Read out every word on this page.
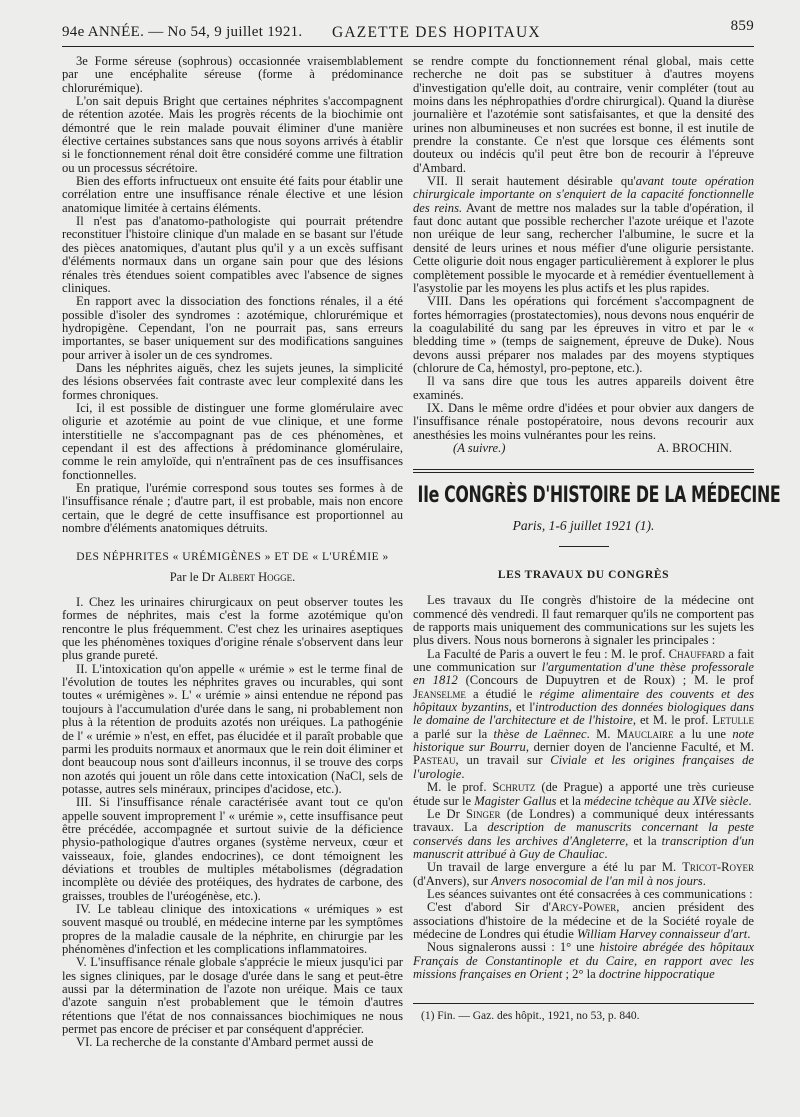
94e ANNÉE. — No 54, 9 juillet 1921. GAZETTE DES HOPITAUX	859

3e Forme séreuse (sophrous) occasionnée vraisemblablement par une encéphalite séreuse (forme à prédominance chlorurémique).

L'on sait depuis Bright que certaines néphrites s'accompagnent de rétention azotée. Mais les progrès récents de la biochimie ont démontré que le rein malade pouvait éliminer d'une manière élective certaines substances sans que nous soyons arrivés à établir si le fonctionnement rénal doit être considéré comme une filtration ou un processus sécrétoire.

Bien des efforts infructueux ont ensuite été faits pour établir une corrélation entre une insuffisance rénale élective et une lésion anatomique limitée à certains éléments.

Il n'est pas d'anatomo-pathologiste qui pourrait prétendre reconstituer l'histoire clinique d'un malade en se basant sur l'étude des pièces anatomiques, d'autant plus qu'il y a un excès suffisant d'éléments normaux dans un organe sain pour que des lésions rénales très étendues soient compatibles avec l'absence de signes cliniques.

En rapport avec la dissociation des fonctions rénales, il a été possible d'isoler des syndromes : azotémique, chlorurémique et hydropigène. Cependant, l'on ne pourrait pas, sans erreurs importantes, se baser uniquement sur des modifications sanguines pour arriver à isoler un de ces syndromes.

Dans les néphrites aiguës, chez les sujets jeunes, la simplicité des lésions observées fait contraste avec leur complexité dans les formes chroniques.

Ici, il est possible de distinguer une forme glomérulaire avec oligurie et azotémie au point de vue clinique, et une forme interstitielle ne s'accompagnant pas de ces phénomènes, et cependant il est des affections à prédominance glomérulaire, comme le rein amyloïde, qui n'entraînent pas de ces insuffisances fonctionnelles.

En pratique, l'urémie correspond sous toutes ses formes à de l'insuffisance rénale ; d'autre part, il est probable, mais non encore certain, que le degré de cette insuffisance est proportionnel au nombre d'éléments anatomiques détruits.

DES NÉPHRITES « URÉMIGÈNES » ET DE « L'URÉMIE »
Par le Dr Albert Hogge.

I. Chez les urinaires chirurgicaux on peut observer toutes les formes de néphrites, mais c'est la forme azotémique qu'on rencontre le plus fréquemment. C'est chez les urinaires aseptiques que les phénomènes toxiques d'origine rénale s'observent dans leur plus grande pureté.

II. L'intoxication qu'on appelle « urémie » est le terme final de l'évolution de toutes les néphrites graves ou incurables, qui sont toutes « urémigènes ». L' « urémie » ainsi entendue ne répond pas toujours à l'accumulation d'urée dans le sang, ni probablement non plus à la rétention de produits azotés non uréiques. La pathogénie de l' « urémie » n'est, en effet, pas élucidée et il paraît probable que parmi les produits normaux et anormaux que le rein doit éliminer et dont beaucoup nous sont d'ailleurs inconnus, il se trouve des corps non azotés qui jouent un rôle dans cette intoxication (NaCl, sels de potasse, autres sels minéraux, principes d'acidose, etc.).

III. Si l'insuffisance rénale caractérisée avant tout ce qu'on appelle souvent improprement l' « urémie », cette insuffisance peut être précédée, accompagnée et surtout suivie de la déficience physio-pathologique d'autres organes (système nerveux, cœur et vaisseaux, foie, glandes endocrines), ce dont témoignent les déviations et troubles de multiples métabolismes (dégradation incomplète ou déviée des protéiques, des hydrates de carbone, des graisses, troubles de l'uréogénèse, etc.).

IV. Le tableau clinique des intoxications « urémiques » est souvent masqué ou troublé, en médecine interne par les symptômes propres de la maladie causale de la néphrite, en chirurgie par les phénomènes d'infection et les complications inflammatoires.

V. L'insuffisance rénale globale s'apprécie le mieux jusqu'ici par les signes cliniques, par le dosage d'urée dans le sang et peut-être aussi par la détermination de l'azote non uréique. Mais ce taux d'azote sanguin n'est probablement que le témoin d'autres rétentions que l'état de nos connaissances biochimiques ne nous permet pas encore de préciser et par conséquent d'apprécier.

VI. La recherche de la constante d'Ambard permet aussi de

se rendre compte du fonctionnement rénal global, mais cette recherche ne doit pas se substituer à d'autres moyens d'investigation qu'elle doit, au contraire, venir compléter (tout au moins dans les néphropathies d'ordre chirurgical). Quand la diurèse journalière et l'azotémie sont satisfaisantes, et que la densité des urines non albumineuses et non sucrées est bonne, il est inutile de prendre la constante. Ce n'est que lorsque ces éléments sont douteux ou indécis qu'il peut être bon de recourir à l'épreuve d'Ambard.

VII. Il serait hautement désirable qu'avant toute opération chirurgicale importante on s'enquiert de la capacité fonctionnelle des reins. Avant de mettre nos malades sur la table d'opération, il faut donc autant que possible rechercher l'azote uréique et l'azote non uréique de leur sang, rechercher l'albumine, le sucre et la densité de leurs urines et nous méfier d'une oligurie persistante. Cette oligurie doit nous engager particulièrement à explorer le plus complètement possible le myocarde et à remédier éventuellement à l'asystolie par les moyens les plus actifs et les plus rapides.

VIII. Dans les opérations qui forcément s'accompagnent de fortes hémorragies (prostatectomies), nous devons nous enquérir de la coagulabilité du sang par les épreuves in vitro et par le « bledding time » (temps de saignement, épreuve de Duke). Nous devons aussi préparer nos malades par des moyens styptiques (chlorure de Ca, hémostyl, pro-peptone, etc.).

Il va sans dire que tous les autres appareils doivent être examinés.

IX. Dans le même ordre d'idées et pour obvier aux dangers de l'insuffisance rénale postopératoire, nous devons recourir aux anesthésies les moins vulnérantes pour les reins.

(A suivre.)	A. BROCHIN.
IIe CONGRÈS D'HISTOIRE DE LA MÉDECINE
Paris, 1-6 juillet 1921 (1).
LES TRAVAUX DU CONGRÈS

Les travaux du IIe congrès d'histoire de la médecine ont commencé dès vendredi. Il faut remarquer qu'ils ne comportent pas de rapports mais uniquement des communications sur les sujets les plus divers. Nous nous bornerons à signaler les principales :

La Faculté de Paris a ouvert le feu : M. le prof. Chauffard a fait une communication sur l'argumentation d'une thèse professorale en 1812 (Concours de Dupuytren et de Roux) ; M. le prof Jeanselme a étudié le régime alimentaire des couvents et des hôpitaux byzantins, et l'introduction des données biologiques dans le domaine de l'architecture et de l'histoire, et M. le prof. Letulle a parlé sur la thèse de Laënnec. M. Mauclaire a lu une note historique sur Bourru, dernier doyen de l'ancienne Faculté, et M. Pasteau, un travail sur Civiale et les origines françaises de l'urologie.

M. le prof. Schrutz (de Prague) a apporté une très curieuse étude sur le Magister Gallus et la médecine tchèque au XIVe siècle.

Le Dr Singer (de Londres) a communiqué deux intéressants travaux. La description de manuscrits concernant la peste conservés dans les archives d'Angleterre, et la transcription d'un manuscrit attribué à Guy de Chauliac.

Un travail de large envergure a été lu par M. Tricot-Royer (d'Anvers), sur Anvers nosocomial de l'an mil à nos jours.

Les séances suivantes ont été consacrées à ces communications :

C'est d'abord Sir d'Arcy-Power, ancien président des associations d'histoire de la médecine et de la Société royale de médecine de Londres qui étudie William Harvey connaisseur d'art.

Nous signalerons aussi : 1° une histoire abrégée des hôpitaux Français de Constantinople et du Caire, en rapport avec les missions françaises en Orient ; 2° la doctrine hippocratique

(1) Fin. — Gaz. des hôpit., 1921, no 53, p. 840.
